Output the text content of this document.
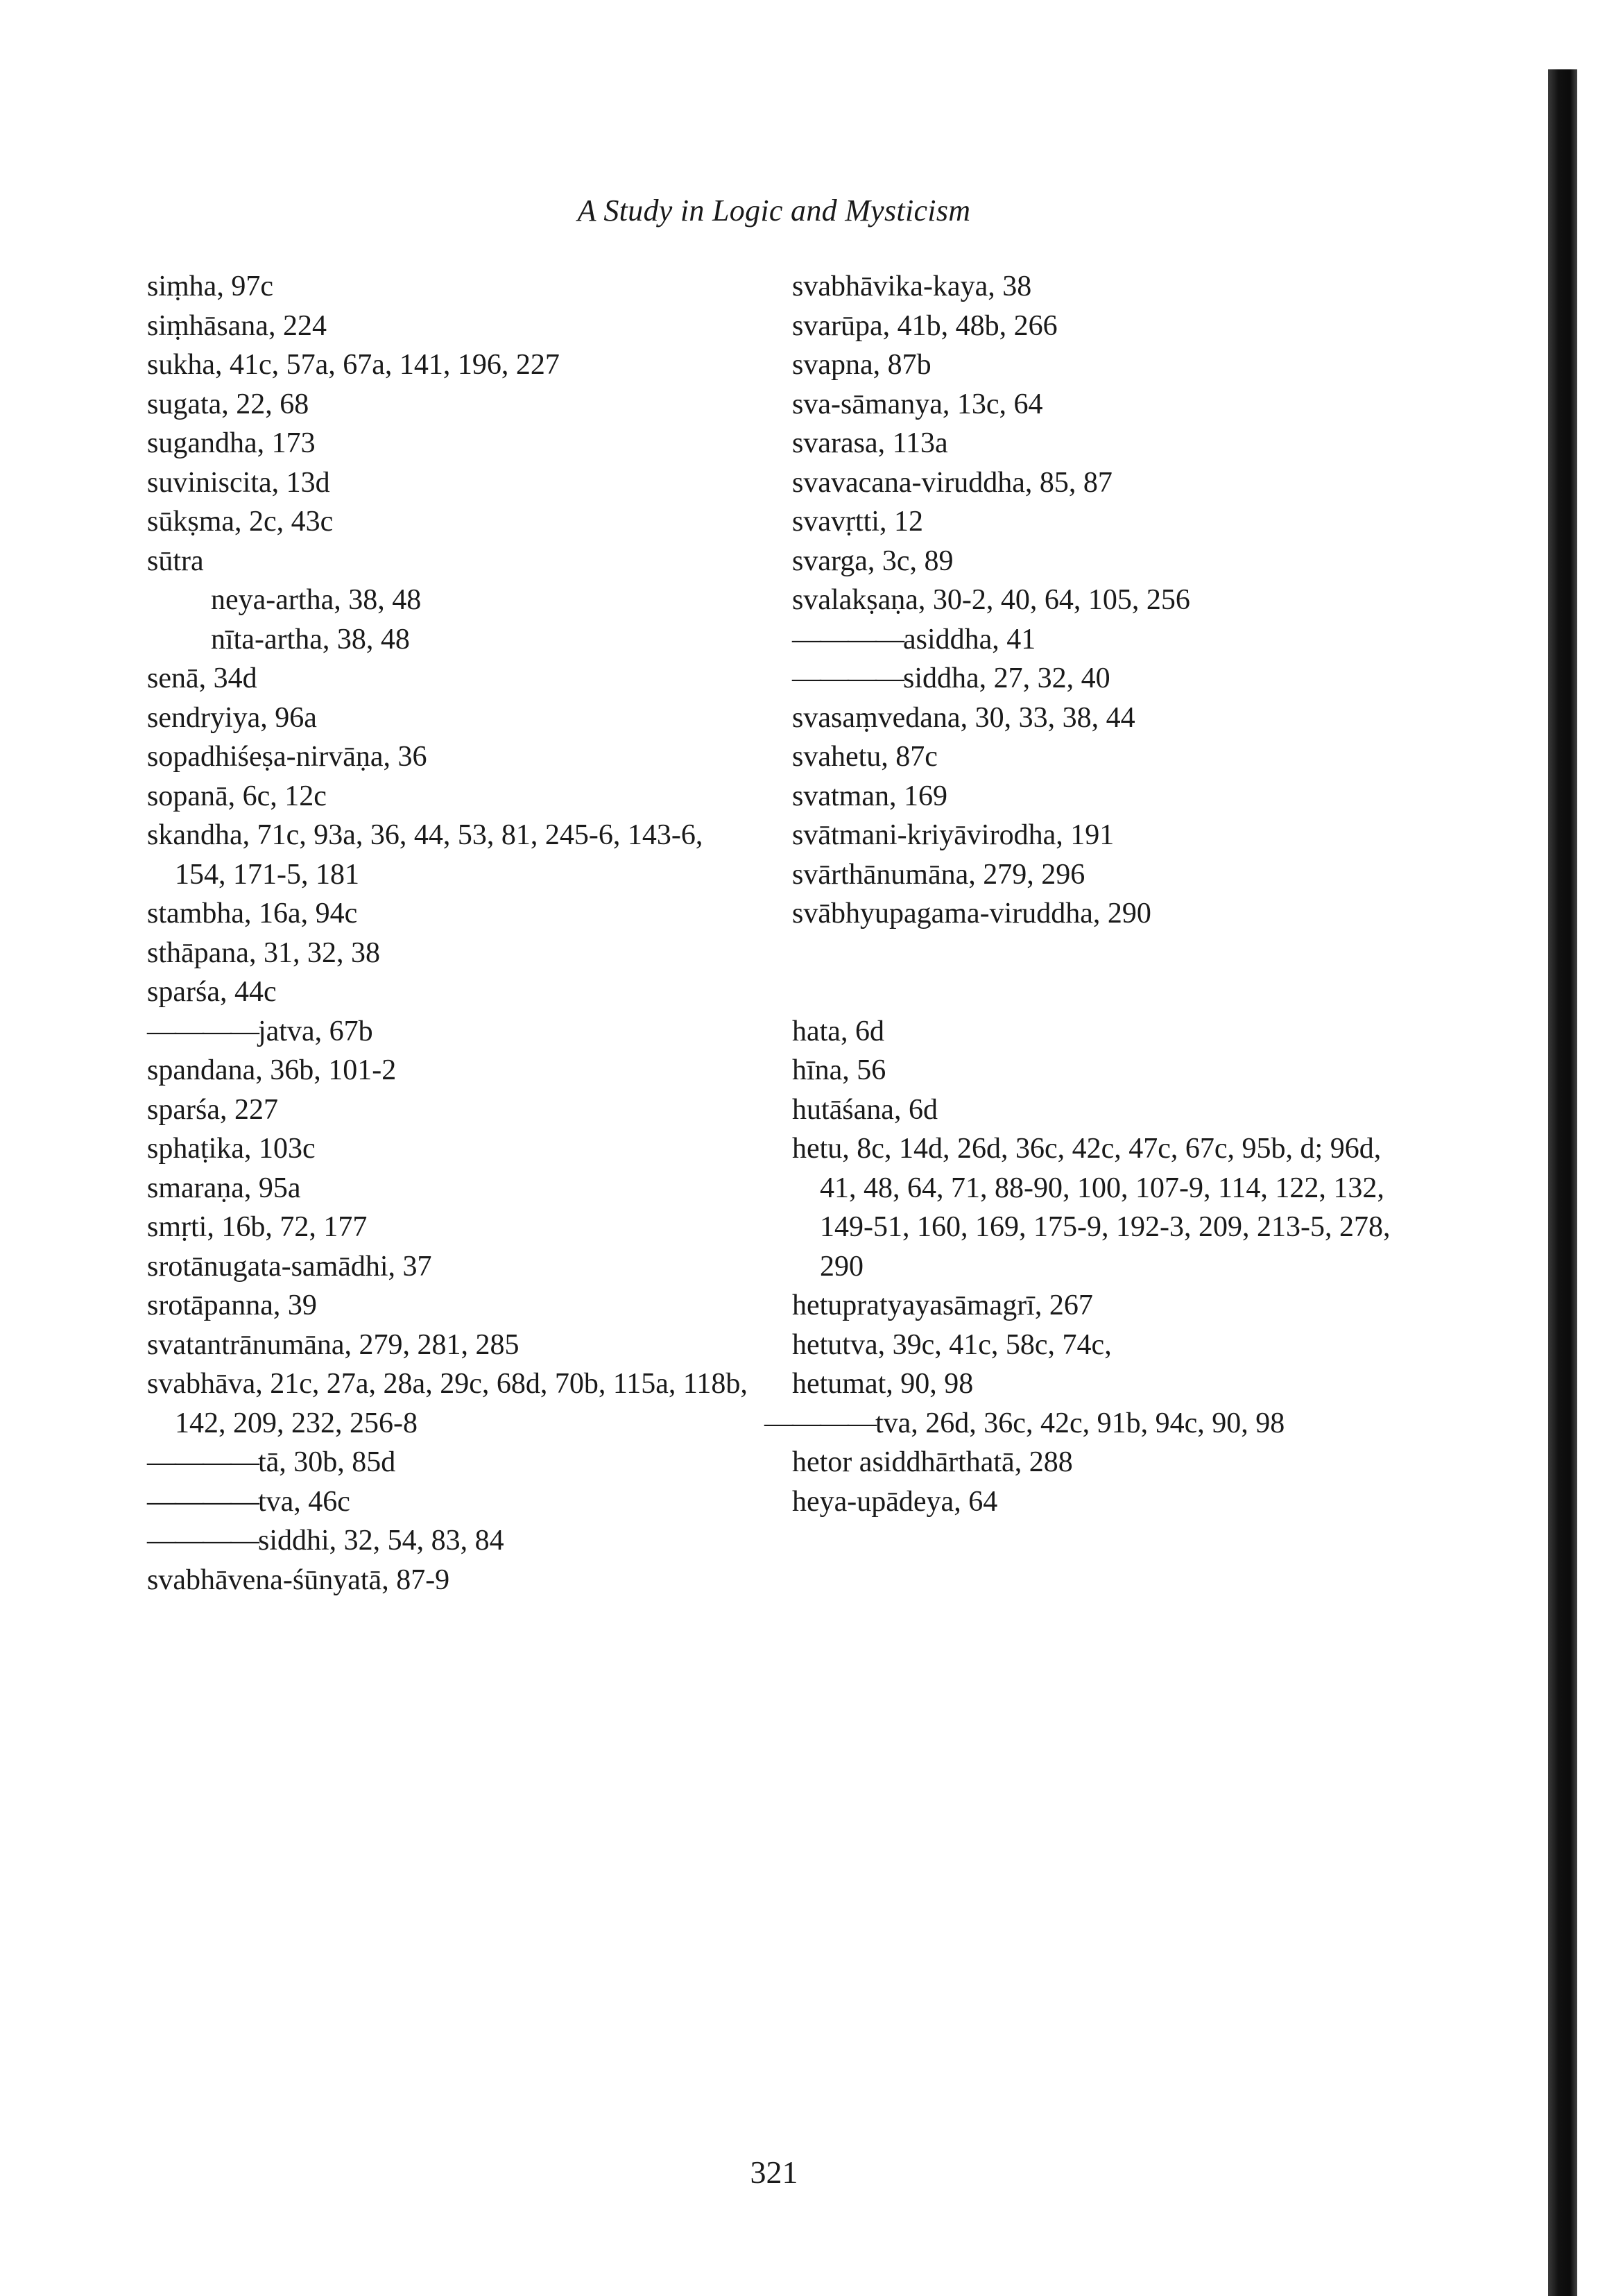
A Study in Logic and Mysticism

siṃha, 97c

siṃhāsana, 224

sukha, 41c, 57a, 67a, 141, 196, 227

sugata, 22, 68

sugandha, 173

suviniscita, 13d

sūkṣma, 2c, 43c

sūtra

neya-artha, 38, 48

nīta-artha, 38, 48

senā, 34d

sendryiya, 96a

sopadhiśeṣa-nirvāṇa, 36

sopanā, 6c, 12c

skandha, 71c, 93a, 36, 44, 53, 81, 245-6, 143-6, 154, 171-5, 181

stambha, 16a, 94c

sthāpana, 31, 32, 38

sparśa, 44c

————jatva, 67b

spandana, 36b, 101-2

sparśa, 227

sphaṭika, 103c

smaraṇa, 95a

smṛti, 16b, 72, 177

srotānugata-samādhi, 37

srotāpanna, 39

svatantrānumāna, 279, 281, 285

svabhāva, 21c, 27a, 28a, 29c, 68d, 70b, 115a, 118b, 142, 209, 232, 256-8

————tā, 30b, 85d

————tva, 46c

————siddhi, 32, 54, 83, 84

svabhāvena-śūnyatā, 87-9

svabhāvika-kaya, 38

svarūpa, 41b, 48b, 266

svapna, 87b

sva-sāmanya, 13c, 64

svarasa, 113a

svavacana-viruddha, 85, 87

svavṛtti, 12

svarga, 3c, 89

svalakṣaṇa, 30-2, 40, 64, 105, 256

————asiddha, 41

————siddha, 27, 32, 40

svasaṃvedana, 30, 33, 38, 44

svahetu, 87c

svatman, 169

svātmani-kriyāvirodha, 191

svārthānumāna, 279, 296

svābhyupagama-viruddha, 290

hata, 6d

hīna, 56

hutāśana, 6d

hetu, 8c, 14d, 26d, 36c, 42c, 47c, 67c, 95b, d; 96d, 41, 48, 64, 71, 88-90, 100, 107-9, 114, 122, 132, 149-51, 160, 169, 175-9, 192-3, 209, 213-5, 278, 290

hetupratyayasāmagrī, 267

hetutva, 39c, 41c, 58c, 74c,

hetumat, 90, 98

————tva, 26d, 36c, 42c, 91b, 94c, 90, 98

hetor asiddhārthatā, 288

heya-upādeya, 64

321
